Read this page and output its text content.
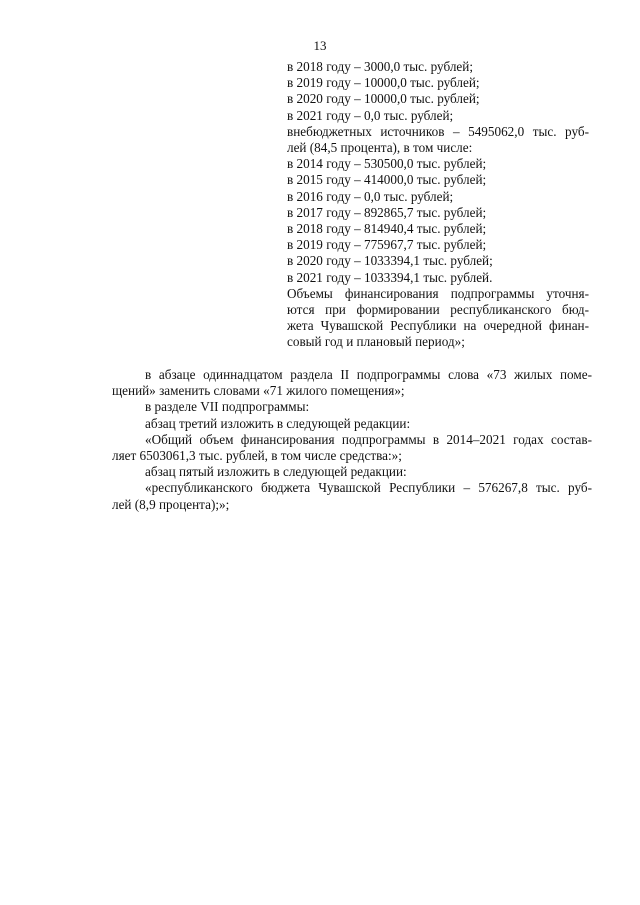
13
в 2018 году – 3000,0 тыс. рублей;
в 2019 году – 10000,0 тыс. рублей;
в 2020 году – 10000,0 тыс. рублей;
в 2021 году – 0,0 тыс. рублей;
внебюджетных источников – 5495062,0 тыс. руб-
лей (84,5 процента), в том числе:
в 2014 году – 530500,0 тыс. рублей;
в 2015 году – 414000,0 тыс. рублей;
в 2016 году – 0,0 тыс. рублей;
в 2017 году – 892865,7 тыс. рублей;
в 2018 году – 814940,4 тыс. рублей;
в 2019 году – 775967,7 тыс. рублей;
в 2020 году – 1033394,1 тыс. рублей;
в 2021 году – 1033394,1 тыс. рублей.
Объемы финансирования подпрограммы уточня-
ются при формировании республиканского бюд-
жета Чувашской Республики на очередной финан-
совый год и плановый период»;
в абзаце одиннадцатом раздела II подпрограммы слова «73 жилых поме-
щений» заменить словами «71 жилого помещения»;
в разделе VII подпрограммы:
абзац третий изложить в следующей редакции:
«Общий объем финансирования подпрограммы в 2014–2021 годах состав-
ляет 6503061,3 тыс. рублей, в том числе средства:»;
абзац пятый изложить в следующей редакции:
«республиканского бюджета Чувашской Республики – 576267,8 тыс. руб-
лей (8,9 процента);»;
